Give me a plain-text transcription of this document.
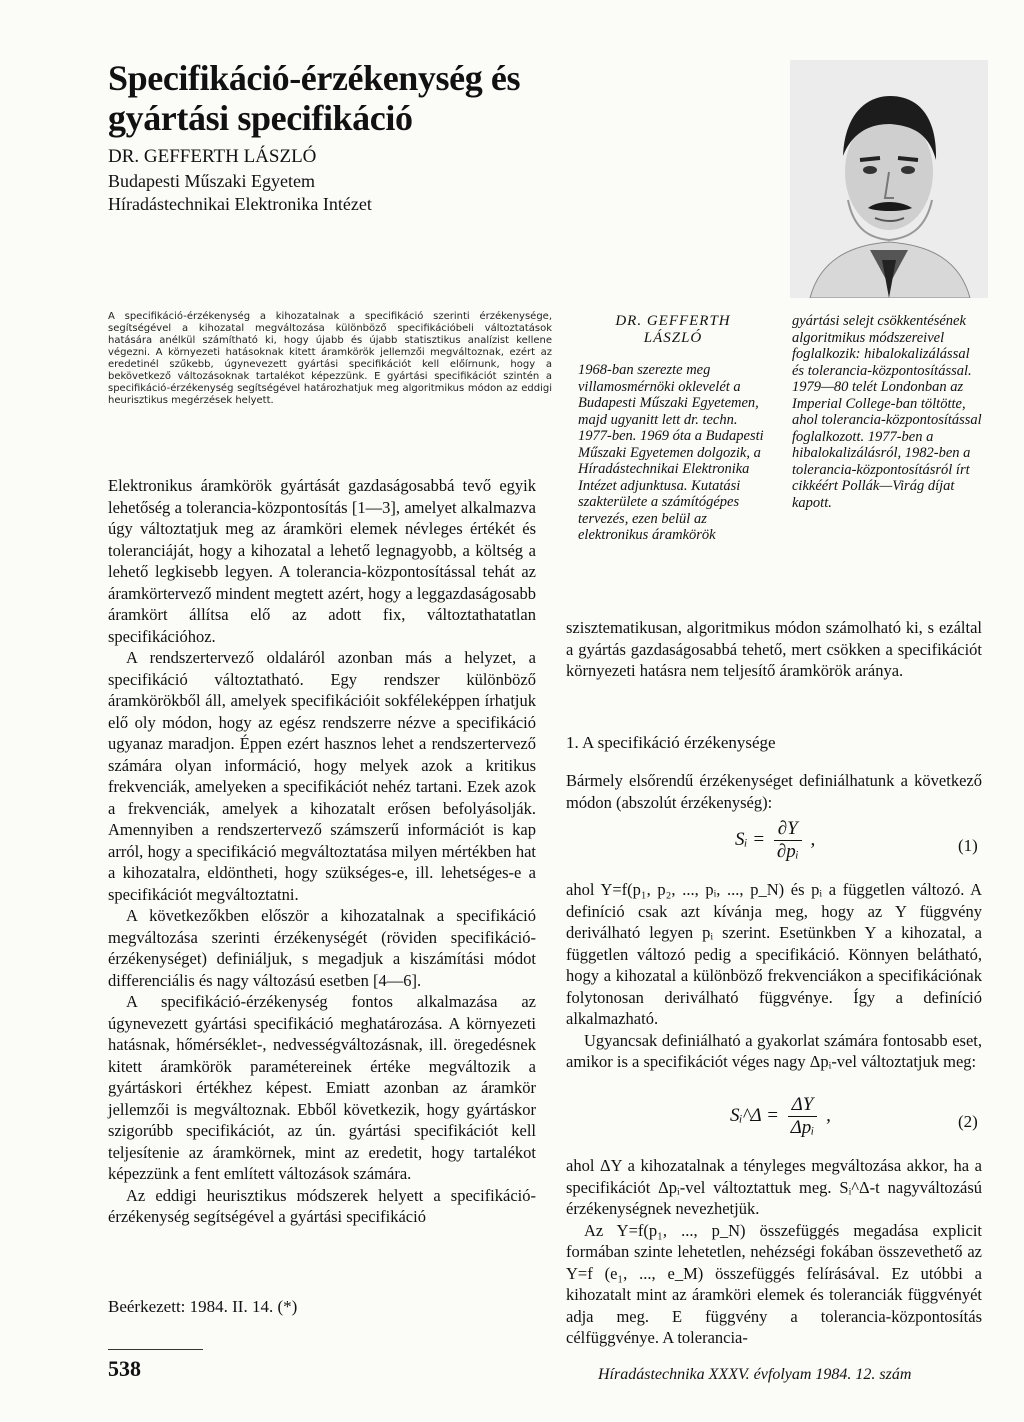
Specifikáció-érzékenység és gyártási specifikáció
DR. GEFFERTH LÁSZLÓ
Budapesti Műszaki Egyetem
Híradástechnikai Elektronika Intézet
A specifikáció-érzékenység a kihozatalnak a specifikáció szerinti érzékenysége, segítségével a kihozatal megváltozása különböző specifikációbeli változtatások hatására anélkül számítható ki, hogy újabb és újabb statisztikus analízist kellene végezni. A környezeti hatásoknak kitett áramkörök jellemzői megváltoznak, ezért az eredetinél szűkebb, úgynevezett gyártási specifikációt kell előírnunk, hogy a bekövetkező változásoknak tartalékot képezzünk. E gyártási specifikációt szintén a specifikáció-érzékenység segítségével határozhatjuk meg algoritmikus módon az eddigi heurisztikus megérzések helyett.
DR. GEFFERTH
LÁSZLÓ
1968-ban szerezte meg villamosmérnöki oklevelét a Budapesti Műszaki Egyetemen, majd ugyanitt lett dr. techn. 1977-ben. 1969 óta a Budapesti Műszaki Egyetemen dolgozik, a Híradástechnikai Elektronika Intézet adjunktusa. Kutatási szakterülete a számítógépes tervezés, ezen belül az elektronikus áramkörök
gyártási selejt csökkentésének algoritmikus módszereivel foglalkozik: hibalokalizálással és tolerancia-központosítással. 1979—80 telét Londonban az Imperial College-ban töltötte, ahol tolerancia-központosítással foglalkozott. 1977-ben a hibalokalizálásról, 1982-ben a tolerancia-központosításról írt cikkéért Pollák—Virág díjat kapott.

Elektronikus áramkörök gyártását gazdaságosabbá tevő egyik lehetőség a tolerancia-központosítás [1—3], amelyet alkalmazva úgy változtatjuk meg az áramköri elemek névleges értékét és toleranciáját, hogy a kihozatal a lehető legnagyobb, a költség a lehető legkisebb legyen. A tolerancia-központosítással tehát az áramkörtervező mindent megtett azért, hogy a leggazdaságosabb áramkört állítsa elő az adott fix, változtathatatlan specifikációhoz.

A rendszertervező oldaláról azonban más a helyzet, a specifikáció változtatható. Egy rendszer különböző áramkörökből áll, amelyek specifikációit sokféleképpen írhatjuk elő oly módon, hogy az egész rendszerre nézve a specifikáció ugyanaz maradjon. Éppen ezért hasznos lehet a rendszertervező számára olyan információ, hogy melyek azok a kritikus frekvenciák, amelyeken a specifikációt nehéz tartani. Ezek azok a frekvenciák, amelyek a kihozatalt erősen befolyásolják. Amennyiben a rendszertervező számszerű információt is kap arról, hogy a specifikáció megváltoztatása milyen mértékben hat a kihozatalra, eldöntheti, hogy szükséges-e, ill. lehetséges-e a specifikációt megváltoztatni.

A következőkben először a kihozatalnak a specifikáció megváltozása szerinti érzékenységét (röviden specifikáció-érzékenységet) definiáljuk, s megadjuk a kiszámítási módot differenciális és nagy változású esetben [4—6].

A specifikáció-érzékenység fontos alkalmazása az úgynevezett gyártási specifikáció meghatározása. A környezeti hatásnak, hőmérséklet-, nedvességváltozásnak, ill. öregedésnek kitett áramkörök paramétereinek értéke megváltozik a gyártáskori értékhez képest. Emiatt azonban az áramkör jellemzői is megváltoznak. Ebből következik, hogy gyártáskor szigorúbb specifikációt, az ún. gyártási specifikációt kell teljesítenie az áramkörnek, mint az eredetit, hogy tartalékot képezzünk a fent említett változások számára.

Az eddigi heurisztikus módszerek helyett a specifikáció-érzékenység segítségével a gyártási specifikáció

szisztematikusan, algoritmikus módon számolható ki, s ezáltal a gyártás gazdaságosabbá tehető, mert csökken a specifikációt környezeti hatásra nem teljesítő áramkörök aránya.

1. A specifikáció érzékenysége

Bármely elsőrendű érzékenységet definiálhatunk a következő módon (abszolút érzékenység):

Sᵢ = $\frac{\partial Y}{\text{∂pᵢ}}$ ,	(1)

ahol Y=f(p₁, p₂, ..., pᵢ, ..., p_N) és pᵢ a független változó. A definíció csak azt kívánja meg, hogy az Y függvény deriválható legyen pᵢ szerint. Esetünkben Y a kihozatal, a független változó pedig a specifikáció. Könnyen belátható, hogy a kihozatal a különböző frekvenciákon a specifikációnak folytonosan deriválható függvénye. Így a definíció alkalmazható.

Ugyancsak definiálható a gyakorlat számára fontosabb eset, amikor is a specifikációt véges nagy Δpᵢ-vel változtatjuk meg:

Sᵢ^Δ = $\frac{\Delta Y}{\text{Δpᵢ}}$ ,	(2)

ahol ΔY a kihozatalnak a tényleges megváltozása akkor, ha a specifikációt Δpᵢ-vel változtattuk meg. Sᵢ^Δ-t nagyváltozású érzékenységnek nevezhetjük.

Az Y=f(p₁, ..., p_N) összefüggés megadása explicit formában szinte lehetetlen, nehézségi fokában összevethető az Y=f (e₁, ..., e_M) összefüggés felírásával. Ez utóbbi a kihozatalt mint az áramköri elemek és toleranciák függvényét adja meg. E függvény a tolerancia-központosítás célfüggvénye. A tolerancia-

Beérkezett: 1984. II. 14. (*)
538	Híradástechnika XXXV. évfolyam 1984. 12. szám
